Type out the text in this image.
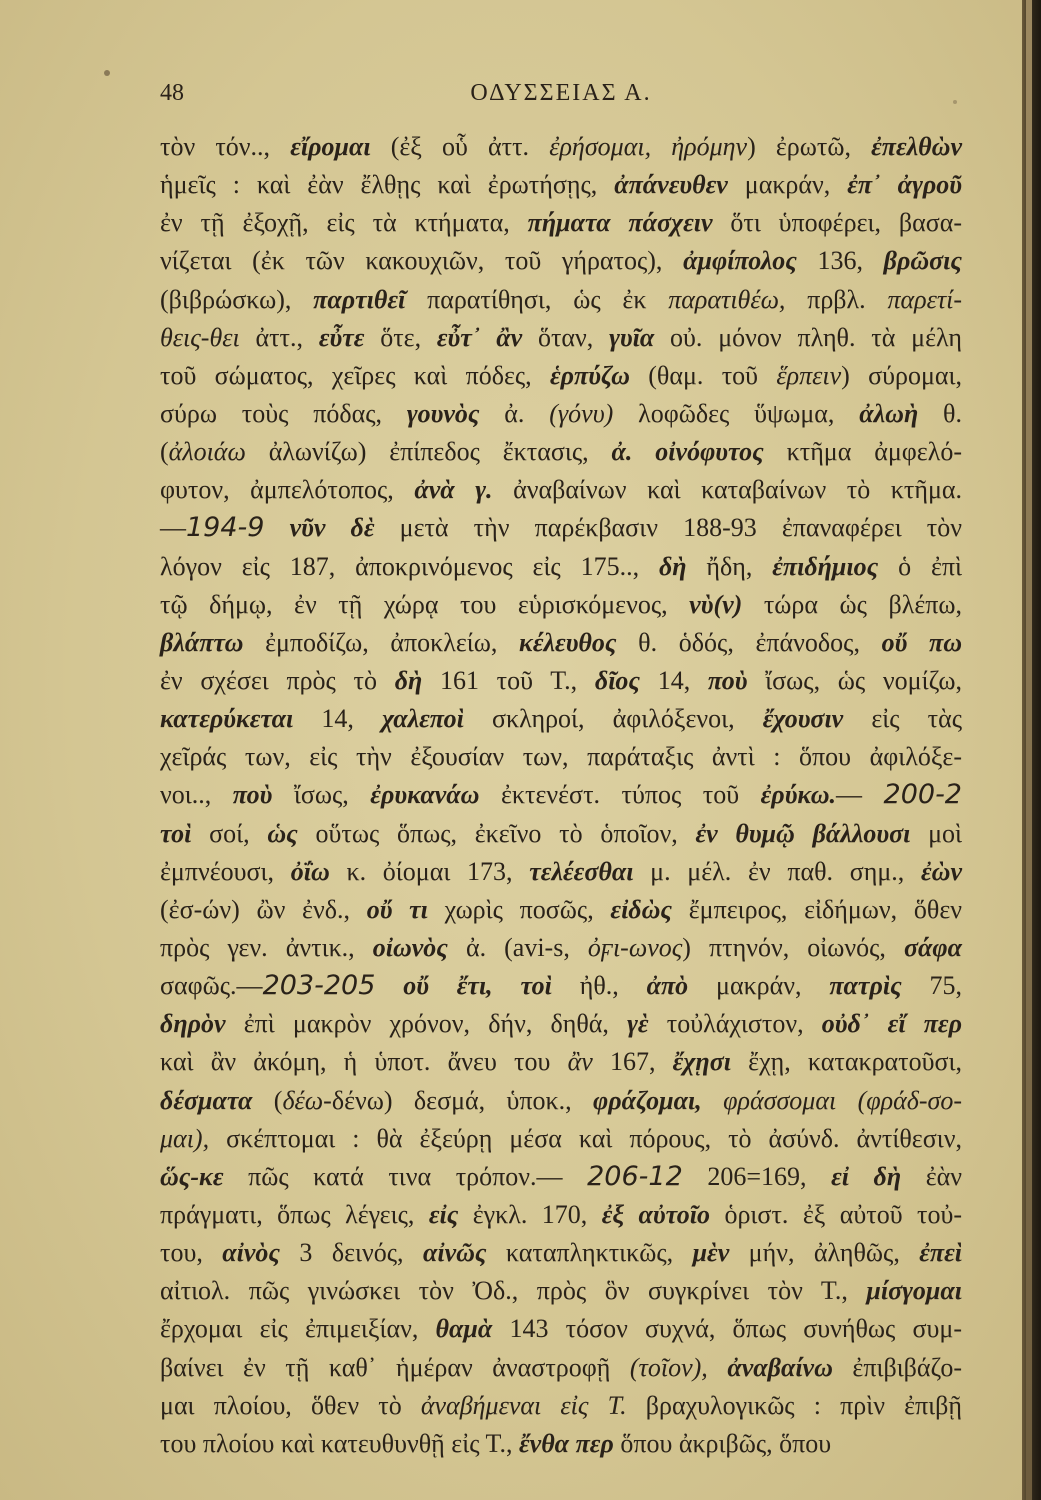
48	ΟΔΥΣΣΕΙΑΣ Α.
τὸν τόν.., εἴρομαι (ἐξ οὗ ἀττ. ἐρήσομαι, ἠρόμην) ἐρωτῶ, ἐπελθὼν
ἡμεῖς : καὶ ἐὰν ἔλθῃς καὶ ἐρωτήσῃς, ἀπάνευθεν μακράν, ἐπ᾽ ἀγροῦ
ἐν τῇ ἐξοχῇ, εἰς τὰ κτήματα, πήματα πάσχειν ὅτι ὑποφέρει, βασα-
νίζεται (ἐκ τῶν κακουχιῶν, τοῦ γήρατος), ἀμφίπολος 136, βρῶσις
(βιβρώσκω), παρτιθεῖ παρατίθησι, ὡς ἐκ παρατιθέω, πρβλ. παρετί-
θεις-θει ἀττ., εὖτε ὅτε, εὖτ᾽ ἂν ὅταν, γυῖα οὐ. μόνον πληθ. τὰ μέλη
τοῦ σώματος, χεῖρες καὶ πόδες, ἑρπύζω (θαμ. τοῦ ἕρπειν) σύρομαι,
σύρω τοὺς πόδας, γουνὸς ἀ. (γόνυ) λοφῶδες ὕψωμα, ἀλωὴ θ.
(ἀλοιάω ἀλωνίζω) ἐπίπεδος ἔκτασις, ἀ. οἰνόφυτος κτῆμα ἀμφελό-
φυτον, ἀμπελότοπος, ἀνὰ γ. ἀναβαίνων καὶ καταβαίνων τὸ κτῆμα.
—194-9 νῦν δὲ μετὰ τὴν παρέκβασιν 188-93 ἐπαναφέρει τὸν
λόγον εἰς 187, ἀποκρινόμενος εἰς 175.., δὴ ἤδη, ἐπιδήμιος ὁ ἐπὶ
τῷ δήμῳ, ἐν τῇ χώρᾳ του εὑρισκόμενος, νὺ(ν) τώρα ὡς βλέπω,
βλάπτω ἐμποδίζω, ἀποκλείω, κέλευθος θ. ὁδός, ἐπάνοδος, οὔ πω
ἐν σχέσει πρὸς τὸ δὴ 161 τοῦ Τ., δῖος 14, ποὺ ἴσως, ὡς νομίζω,
κατερύκεται 14, χαλεποὶ σκληροί, ἀφιλόξενοι, ἔχουσιν εἰς τὰς
χεῖράς των, εἰς τὴν ἐξουσίαν των, παράταξις ἀντὶ : ὅπου ἀφιλόξε-
νοι.., ποὺ ἴσως, ἐρυκανάω ἐκτενέστ. τύπος τοῦ ἐρύκω.— 200-2
τοὶ σοί, ὡς οὕτως ὅπως, ἐκεῖνο τὸ ὁποῖον, ἐν θυμῷ βάλλουσι μοὶ
ἐμπνέουσι, ὀΐω κ. ὀίομαι 173, τελέεσθαι μ. μέλ. ἐν παθ. σημ., ἐὼν
(ἐσ-ών) ὢν ἐνδ., οὔ τι χωρὶς ποσῶς, εἰδὼς ἔμπειρος, εἰδήμων, ὅθεν
πρὸς γεν. ἀντικ., οἰωνὸς ἀ. (avi-s, ὀϝι-ωνος) πτηνόν, οἰωνός, σάφα
σαφῶς.—203-205 οὔ ἔτι, τοὶ ἠθ., ἀπὸ μακράν, πατρὶς 75,
δηρὸν ἐπὶ μακρὸν χρόνον, δήν, δηθά, γὲ τοὐλάχιστον, οὐδ᾽ εἴ περ
καὶ ἂν ἀκόμη, ἡ ὑποτ. ἄνευ του ἂν 167, ἔχῃσι ἔχῃ, κατακρατοῦσι,
δέσματα (δέω-δένω) δεσμά, ὑποκ., φράζομαι, φράσσομαι (φράδ-σο-
μαι), σκέπτομαι : θὰ ἐξεύρῃ μέσα καὶ πόρους, τὸ ἀσύνδ. ἀντίθεσιν,
ὥς-κε πῶς κατά τινα τρόπον.— 206-12 206=169, εἰ δὴ ἐὰν
πράγματι, ὅπως λέγεις, εἰς ἐγκλ. 170, ἐξ αὐτοῖο ὁριστ. ἐξ αὐτοῦ τοὐ-
του, αἰνὸς 3 δεινός, αἰνῶς καταπληκτικῶς, μὲν μήν, ἀληθῶς, ἐπεὶ
αἰτιολ. πῶς γινώσκει τὸν Ὀδ., πρὸς ὃν συγκρίνει τὸν Τ., μίσγομαι
ἔρχομαι εἰς ἐπιμειξίαν, θαμὰ 143 τόσον συχνά, ὅπως συνήθως συμ-
βαίνει ἐν τῇ καθ᾽ ἡμέραν ἀναστροφῇ (τοῖον), ἀναβαίνω ἐπιβιβάζο-
μαι πλοίου, ὅθεν τὸ ἀναβήμεναι εἰς Τ. βραχυλογικῶς : πρὶν ἐπιβῇ
του πλοίου καὶ κατευθυνθῇ εἰς Τ., ἔνθα περ ὅπου ἀκριβῶς, ὅπου
